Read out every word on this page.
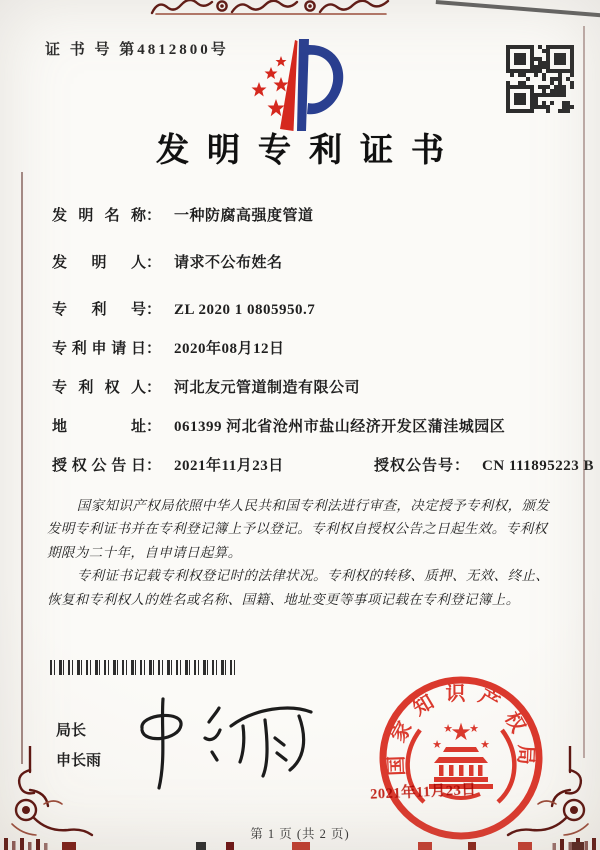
证 书 号 第4812800号
发明专利证书
发明名称： 一种防腐高强度管道
发明人： 请求不公布姓名
专利号： ZL 2020 1 0805950.7
专利申请日： 2020年08月12日
专利权人： 河北友元管道制造有限公司
地址： 061399 河北省沧州市盐山经济开发区蒲洼城园区
授权公告日： 2021年11月23日	授权公告号： CN 111895223 B

国家知识产权局依照中华人民共和国专利法进行审查，决定授予专利权，颁发发明专利证书并在专利登记簿上予以登记。专利权自授权公告之日起生效。专利权期限为二十年，自申请日起算。

专利证书记载专利权登记时的法律状况。专利权的转移、质押、无效、终止、恢复和专利权人的姓名或名称、国籍、地址变更等事项记载在专利登记簿上。

局长
申长雨	国家知识产权局
★
★
★ ★
★
2021年11月23日
第 1 页 (共 2 页)
